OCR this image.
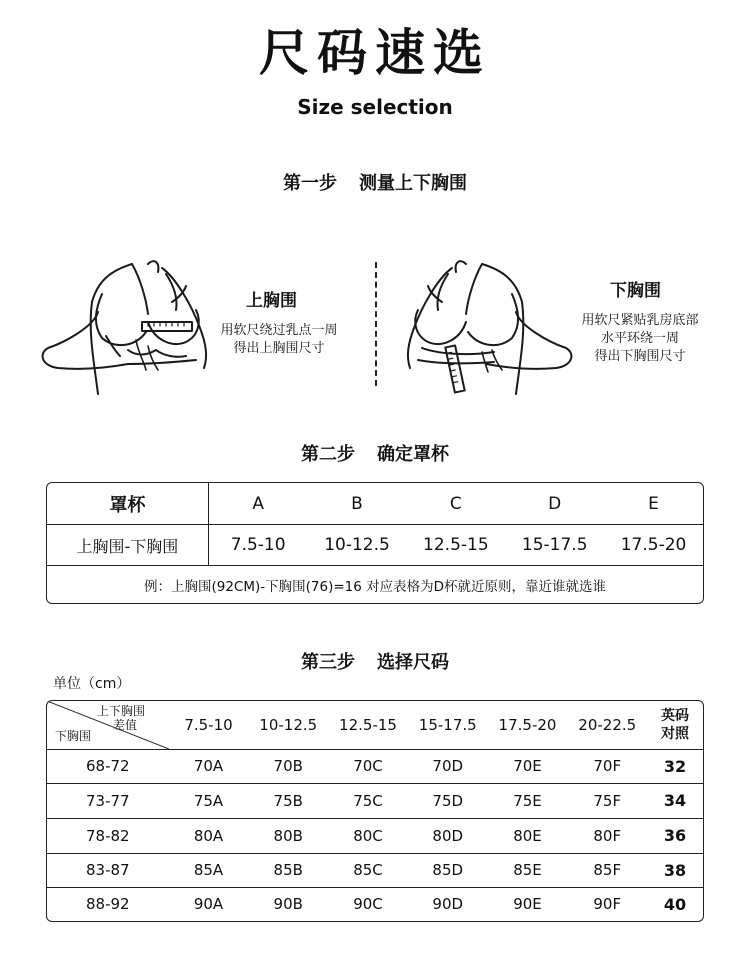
尺码速选
Size selection
第一步 测量上下胸围
上胸围
用软尺绕过乳点一周
得出上胸围尺寸
下胸围
用软尺紧贴乳房底部
水平环绕一周
得出下胸围尺寸
第二步 确定罩杯
罩杯	A	B	C	D	E
上胸围-下胸围	7.5-10	10-12.5	12.5-15	15-17.5	17.5-20
例：上胸围(92CM)-下胸围(76)=16 对应表格为D杯就近原则，靠近谁就选谁
第三步 选择尺码
单位（cm）
上下胸围
差值
下胸围
7.5-10	10-12.5	12.5-15	15-17.5	17.5-20	20-22.5	英码
对照
68-72	70A	70B	70C	70D	70E	70F	32
73-77	75A	75B	75C	75D	75E	75F	34
78-82	80A	80B	80C	80D	80E	80F	36
83-87	85A	85B	85C	85D	85E	85F	38
88-92	90A	90B	90C	90D	90E	90F	40
